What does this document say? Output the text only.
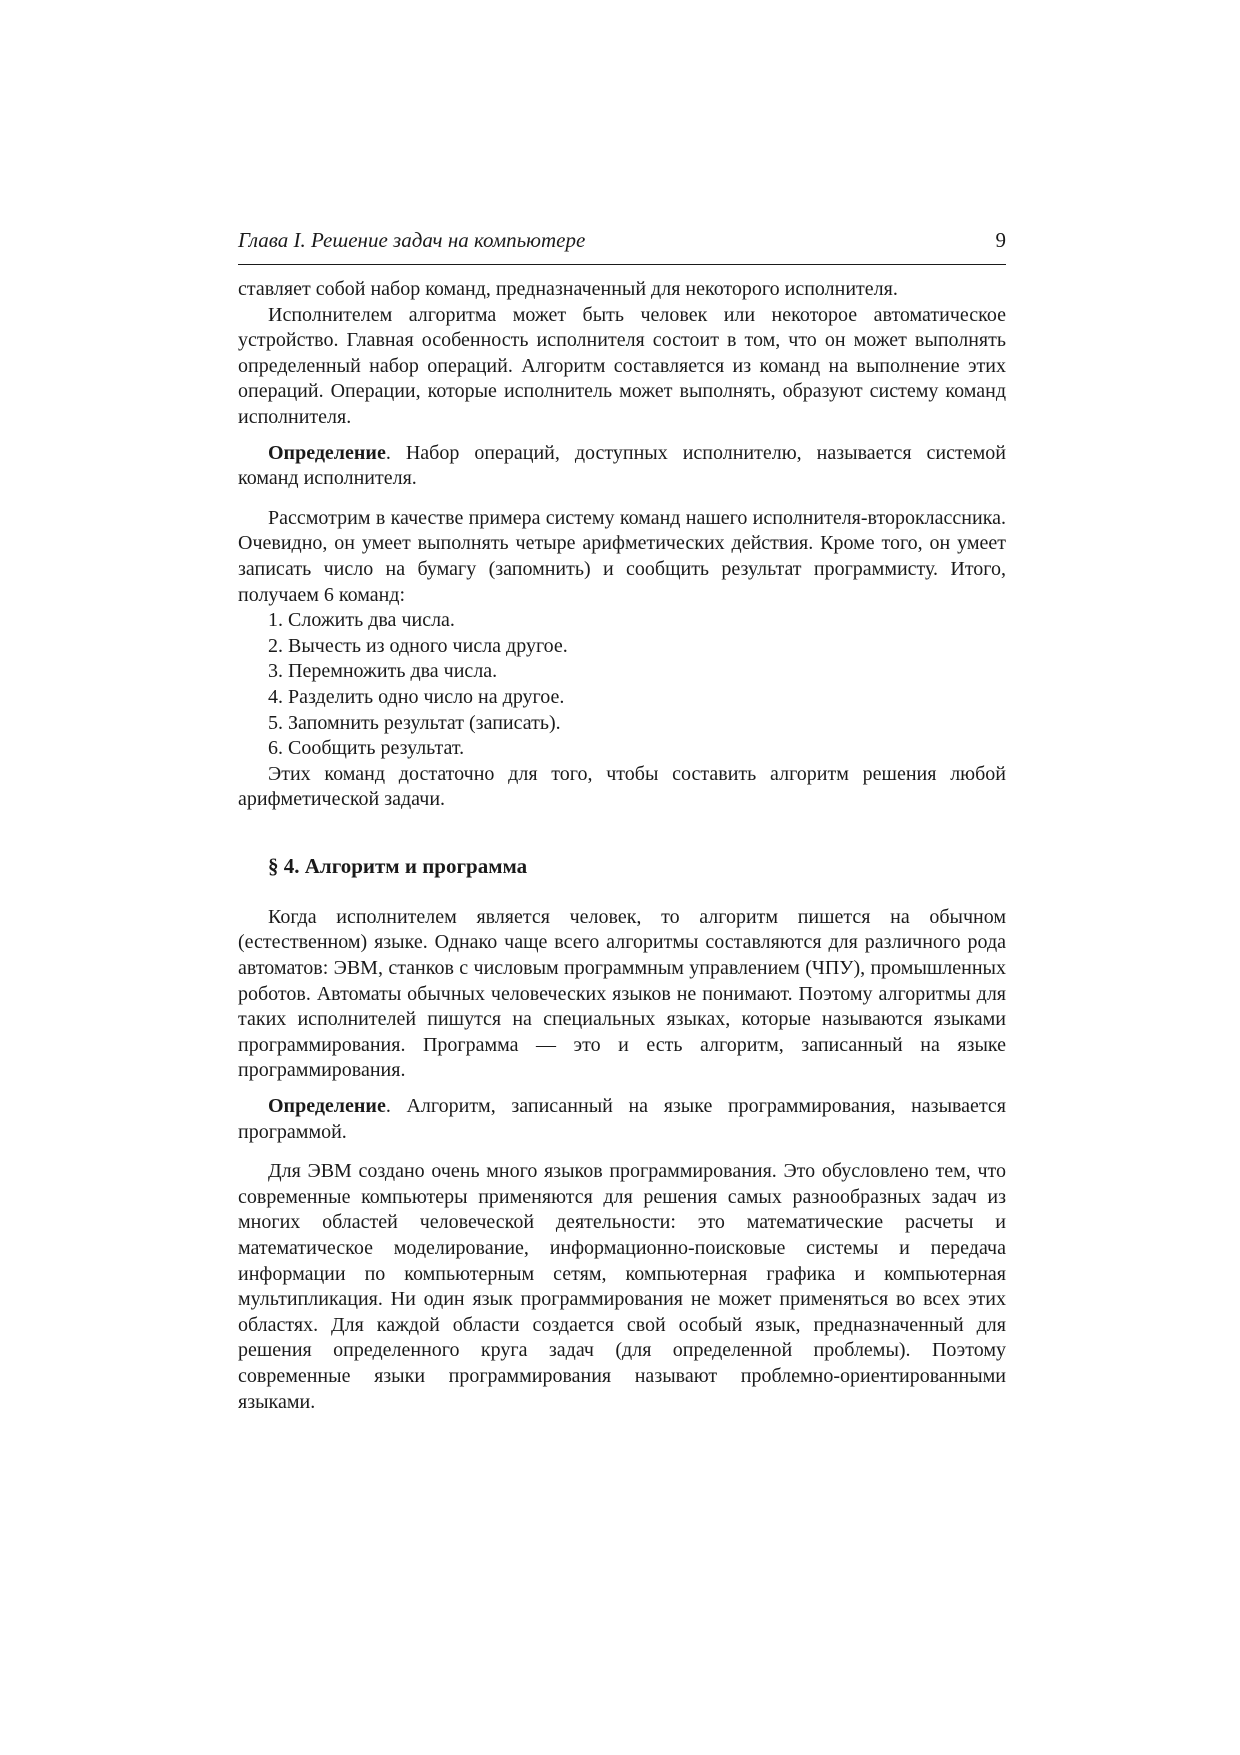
Глава I. Решение задач на компьютере	9

ставляет собой набор команд, предназначенный для некоторого исполнителя.

Исполнителем алгоритма может быть человек или некоторое автоматическое устройство. Главная особенность исполнителя состоит в том, что он может выполнять определенный набор операций. Алгоритм составляется из команд на выполнение этих операций. Операции, которые исполнитель может выполнять, образуют систему команд исполнителя.

Определение. Набор операций, доступных исполнителю, называется системой команд исполнителя.

Рассмотрим в качестве примера систему команд нашего исполнителя-второклассника. Очевидно, он умеет выполнять четыре арифметических действия. Кроме того, он умеет записать число на бумагу (запомнить) и сообщить результат программисту. Итого, получаем 6 команд:

1. Сложить два числа.
2. Вычесть из одного числа другое.
3. Перемножить два числа.
4. Разделить одно число на другое.
5. Запомнить результат (записать).
6. Сообщить результат.

Этих команд достаточно для того, чтобы составить алгоритм решения любой арифметической задачи.

§ 4. Алгоритм и программа

Когда исполнителем является человек, то алгоритм пишется на обычном (естественном) языке. Однако чаще всего алгоритмы составляются для различного рода автоматов: ЭВМ, станков с числовым программным управлением (ЧПУ), промышленных роботов. Автоматы обычных человеческих языков не понимают. Поэтому алгоритмы для таких исполнителей пишутся на специальных языках, которые называются языками программирования. Программа — это и есть алгоритм, записанный на языке программирования.

Определение. Алгоритм, записанный на языке программирования, называется программой.

Для ЭВМ создано очень много языков программирования. Это обусловлено тем, что современные компьютеры применяются для решения самых разнообразных задач из многих областей человеческой деятельности: это математические расчеты и математическое моделирование, информационно-поисковые системы и передача информации по компьютерным сетям, компьютерная графика и компьютерная мультипликация. Ни один язык программирования не может применяться во всех этих областях. Для каждой области создается свой особый язык, предназначенный для решения определенного круга задач (для определенной проблемы). Поэтому современные языки программирования называют проблемно-ориентированными языками.
